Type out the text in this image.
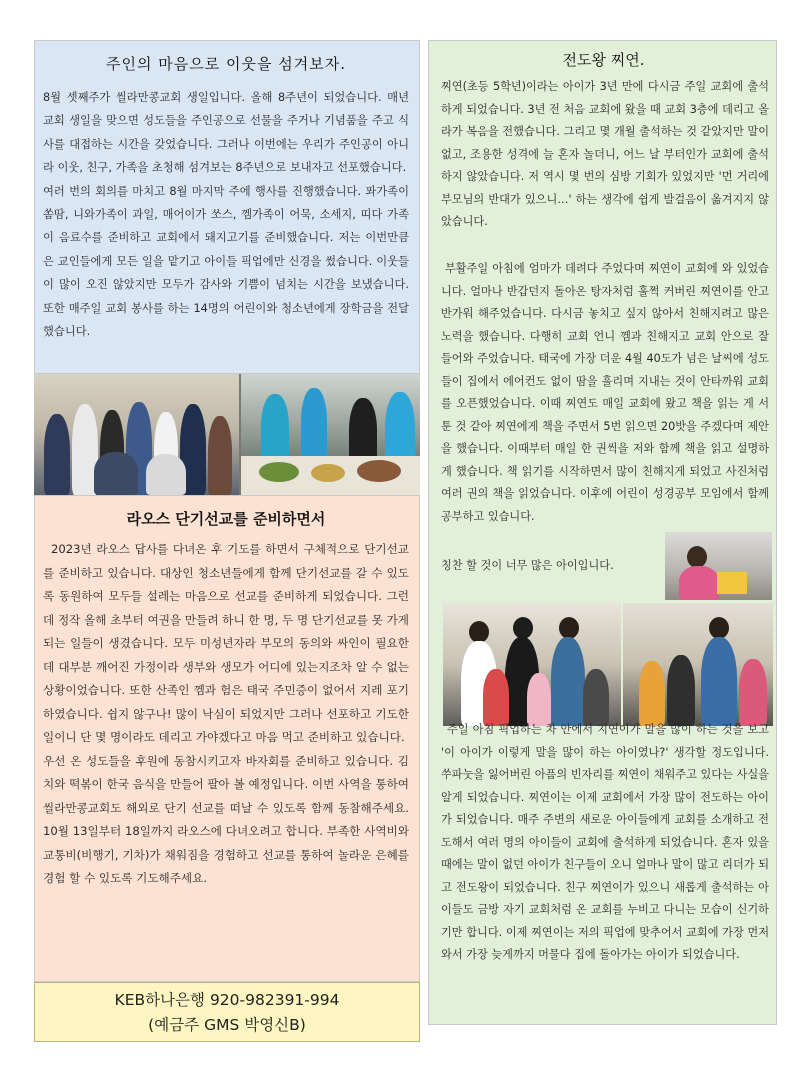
주인의 마음으로 이웃을 섬겨보자.

8월 셋째주가 씰라만콩교회 생일입니다. 올해 8주년이 되었습니다. 매년 교회 생일을 맞으면 성도들을 주인공으로 선물을 주거나 기념품을 주고 식사를 대접하는 시간을 갖었습니다. 그러나 이번에는 우리가 주인공이 아니라 이웃, 친구, 가족을 초청해 섬겨보는 8주년으로 보내자고 선포했습니다.

여러 번의 회의를 마치고 8월 마지막 주에 행사를 진행했습니다. 퐈가족이 쏨땀, 니와가족이 과일, 매어이가 쏘스, 껨가족이 어묵, 소세지, 띠다 가족이 음료수를 준비하고 교회에서 돼지고기를 준비했습니다. 저는 이번만큼은 교인들에게 모든 일을 맡기고 아이들 픽업에만 신경을 썼습니다. 이웃들이 많이 오진 않았지만 모두가 감사와 기쁨이 넘치는 시간을 보냈습니다. 또한 매주일 교회 봉사를 하는 14명의 어린이와 청소년에게 장학금을 전달했습니다.

라오스 단기선교를 준비하면서

2023년 라오스 답사를 다녀온 후 기도를 하면서 구체적으로 단기선교를 준비하고 있습니다. 대상인 청소년들에게 함께 단기선교를 갈 수 있도록 동원하여 모두들 설레는 마음으로 선교를 준비하게 되었습니다. 그런데 정작 올해 초부터 여권을 만들려 하니 한 명, 두 명 단기선교를 못 가게 되는 일들이 생겼습니다. 모두 미성년자라 부모의 동의와 싸인이 필요한데 대부분 깨어진 가정이라 생부와 생모가 어디에 있는지조차 알 수 없는 상황이었습니다. 또한 산족인 껨과 험은 태국 주민증이 없어서 지레 포기하였습니다. 쉽지 않구나! 많이 낙심이 되었지만 그러나 선포하고 기도한 일이니 단 몇 명이라도 데리고 가야겠다고 마음 먹고 준비하고 있습니다.

우선 온 성도들을 후원에 동참시키고자 바자회를 준비하고 있습니다. 김치와 떡볶이 한국 음식을 만들어 팔아 볼 예정입니다. 이번 사역을 통하여 씰라만콩교회도 해외로 단기 선교를 떠날 수 있도록 함께 동참해주세요. 10월 13일부터 18일까지 라오스에 다녀오려고 합니다. 부족한 사역비와 교통비(비행기, 기차)가 채워짐을 경험하고 선교를 통하여 놀라운 은혜를 경험 할 수 있도록 기도해주세요.

KEB하나은행 920-982391-994
(예금주 GMS 박영신B)
전도왕 찌연.

찌연(초등 5학년)이라는 아이가 3년 만에 다시금 주일 교회에 출석하게 되었습니다. 3년 전 처음 교회에 왔을 때 교회 3층에 데리고 올라가 복음을 전했습니다. 그리고 몇 개월 출석하는 것 같았지만 말이 없고, 조용한 성격에 늘 혼자 놀더니, 어느 날 부터인가 교회에 출석하지 않았습니다. 저 역시 몇 번의 심방 기회가 있었지만 '먼 거리에 부모님의 반대가 있으니…' 하는 생각에 쉽게 발걸음이 옮겨지지 않았습니다.

부활주일 아침에 엄마가 데려다 주었다며 찌연이 교회에 와 있었습니다. 얼마나 반갑던지 돌아온 탕자처럼 훌쩍 커버린 찌연이를 안고 반가워 해주었습니다. 다시금 놓치고 싶지 않아서 친해지려고 많은 노력을 했습니다. 다행히 교회 언니 껨과 친해지고 교회 안으로 잘 들어와 주었습니다. 태국에 가장 더운 4월 40도가 넘은 날씨에 성도들이 집에서 에어컨도 없이 땀을 흘리며 지내는 것이 안타까워 교회를 오픈했었습니다. 이때 찌연도 매일 교회에 왔고 책을 읽는 게 서툰 것 같아 찌연에게 책을 주면서 5번 읽으면 20밧을 주겠다며 제안을 했습니다. 이때부터 매일 한 권씩을 저와 함께 책을 읽고 설명하게 했습니다. 책 읽기를 시작하면서 많이 친해지게 되었고 사진처럼 여러 권의 책을 읽었습니다. 이후에 어린이 성경공부 모임에서 함께 공부하고 있습니다.

칭찬 할 것이 너무 많은 아이입니다.

주일 아침 픽업하는 차 안에서 지연이가 말을 많이 하는 것을 보고 '이 아이가 이렇게 말을 많이 하는 아이였나?' 생각할 정도입니다. 쑤파눗을 잃어버린 아픔의 빈자리를 찌연이 채워주고 있다는 사실을 알게 되었습니다. 찌연이는 이제 교회에서 가장 많이 전도하는 아이가 되었습니다. 매주 주변의 새로운 아이들에게 교회를 소개하고 전도해서 여러 명의 아이들이 교회에 출석하게 되었습니다. 혼자 있을 때에는 말이 없던 아이가 친구들이 오니 얼마나 말이 많고 리더가 되고 전도왕이 되었습니다. 친구 찌연이가 있으니 새롭게 출석하는 아이들도 금방 자기 교회처럼 온 교회를 누비고 다니는 모습이 신기하기만 합니다. 이제 찌연이는 저의 픽업에 맞추어서 교회에 가장 먼저 와서 가장 늦게까지 머물다 집에 돌아가는 아이가 되었습니다.
